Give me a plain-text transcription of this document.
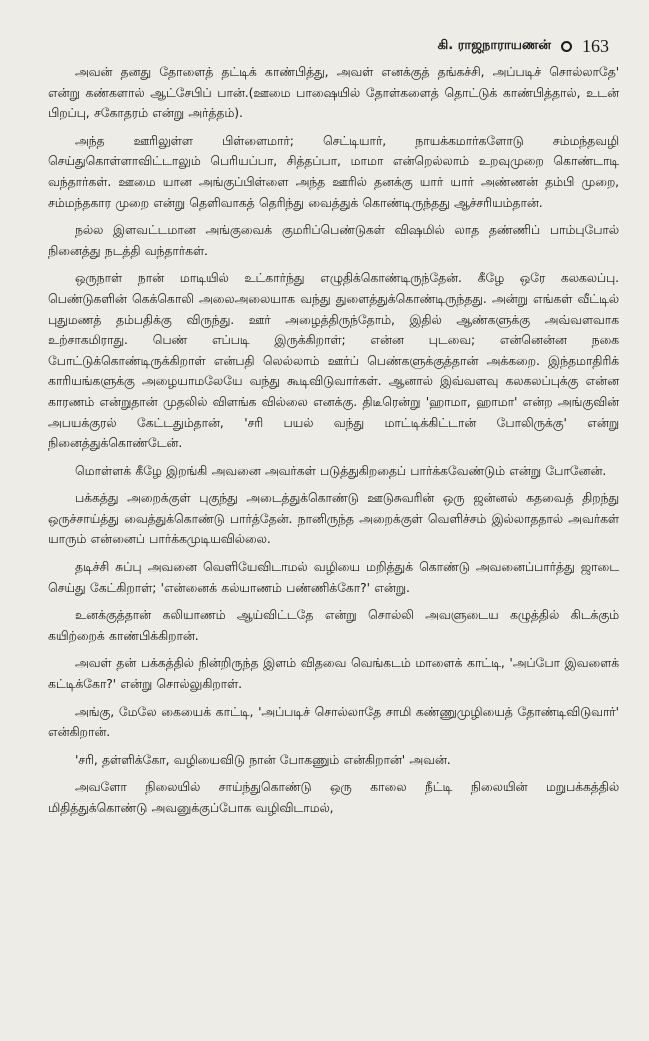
கி. ராஜநாராயணன் 163

அவன் தனது தோளைத் தட்டிக் காண்பித்து, அவள் எனக்குத் தங்கச்சி, அப்படிச் சொல்லாதே' என்று கண்களால் ஆட்சேபிப் பான்.(ஊமை பாஷையில் தோள்களைத் தொட்டுக் காண்பித்தால், உடன் பிறப்பு, சகோதரம் என்று அர்த்தம்).

அந்த ஊரிலுள்ள பிள்ளைமார்; செட்டியார், நாயக்கமார்களோடு சம்மந்தவழி செய்துகொள்ளாவிட்டாலும் பெரியப்பா, சித்தப்பா, மாமா என்றெல்லாம் உறவுமுறை கொண்டாடி வந்தார்கள். ஊமை யான அங்குப்பிள்ளை அந்த ஊரில் தனக்கு யார் யார் அண்ணன் தம்பி முறை, சம்மந்தகார முறை என்று தெளிவாகத் தெரிந்து வைத்துக் கொண்டிருந்தது ஆச்சரியம்தான்.

நல்ல இளவட்டமான அங்குவைக் குமரிப்பெண்டுகள் விஷமில் லாத தண்ணிப் பாம்புபோல் நினைத்து நடத்தி வந்தார்கள்.

ஒருநாள் நான் மாடியில் உட்கார்ந்து எழுதிக்கொண்டிருந்தேன். கீழே ஒரே கலகலப்பு. பெண்டுகளின் கெக்கொலி அலைஅலையாக வந்து துளைத்துக்கொண்டிருந்தது. அன்று எங்கள் வீட்டில் புதுமணத் தம்பதிக்கு விருந்து. ஊர் அழைத்திருந்தோம், இதில் ஆண்களுக்கு அவ்வளவாக உற்சாகமிராது. பெண் எப்படி இருக்கிறாள்; என்ன புடவை; என்னென்ன நகை போட்டுக்கொண்டிருக்கிறாள் என்பதி லெல்லாம் ஊர்ப் பெண்களுக்குத்தான் அக்கறை. இந்தமாதிரிக் காரியங்களுக்கு அழையாமலேயே வந்து கூடிவிடுவார்கள். ஆனால் இவ்வளவு கலகலப்புக்கு என்ன காரணம் என்றுதான் முதலில் விளங்க வில்லை எனக்கு. திடீரென்று 'ஹாமா, ஹாமா' என்ற அங்குவின் அபயக்குரல் கேட்டதும்தான், 'சரி பயல் வந்து மாட்டிக்கிட்டான் போலிருக்கு' என்று நினைத்துக்கொண்டேன்.

மொள்ளக் கீழே இறங்கி அவனை அவர்கள் படுத்துகிறதைப் பார்க்கவேண்டும் என்று போனேன்.

பக்கத்து அறைக்குள் புகுந்து அடைத்துக்கொண்டு ஊடுசுவரின் ஒரு ஜன்னல் கதவைத் திறந்து ஒருச்சாய்த்து வைத்துக்கொண்டு பார்த்தேன். நானிருந்த அறைக்குள் வெளிச்சம் இல்லாததால் அவர்கள் யாரும் என்னைப் பார்க்கமுடியவில்லை.

தடிச்சி சுப்பு அவனை வெளியேவிடாமல் வழியை மறித்துக் கொண்டு அவனைப்பார்த்து ஜாடை செய்து கேட்கிறாள்; 'என்னைக் கல்யாணம் பண்ணிக்கோ?' என்று.

உனக்குத்தான் கலியாணம் ஆய்விட்டதே என்று சொல்லி அவளுடைய கழுத்தில் கிடக்கும் கயிற்றைக் காண்பிக்கிறான்.

அவள் தன் பக்கத்தில் நின்றிருந்த இளம் விதவை வெங்கடம் மாளைக் காட்டி, 'அப்போ இவளைக் கட்டிக்கோ?' என்று சொல்லுகிறாள்.

அங்கு, மேலே கையைக் காட்டி, 'அப்படிச் சொல்லாதே சாமி கண்ணுமுழியைத் தோண்டிவிடுவார்' என்கிறான்.

'சரி, தள்ளிக்கோ, வழியைவிடு நான் போகணும் என்கிறான்' அவன்.

அவளோ நிலையில் சாய்ந்துகொண்டு ஒரு காலை நீட்டி நிலையின் மறுபக்கத்தில் மிதித்துக்கொண்டு அவனுக்குப்போக வழிவிடாமல்,
